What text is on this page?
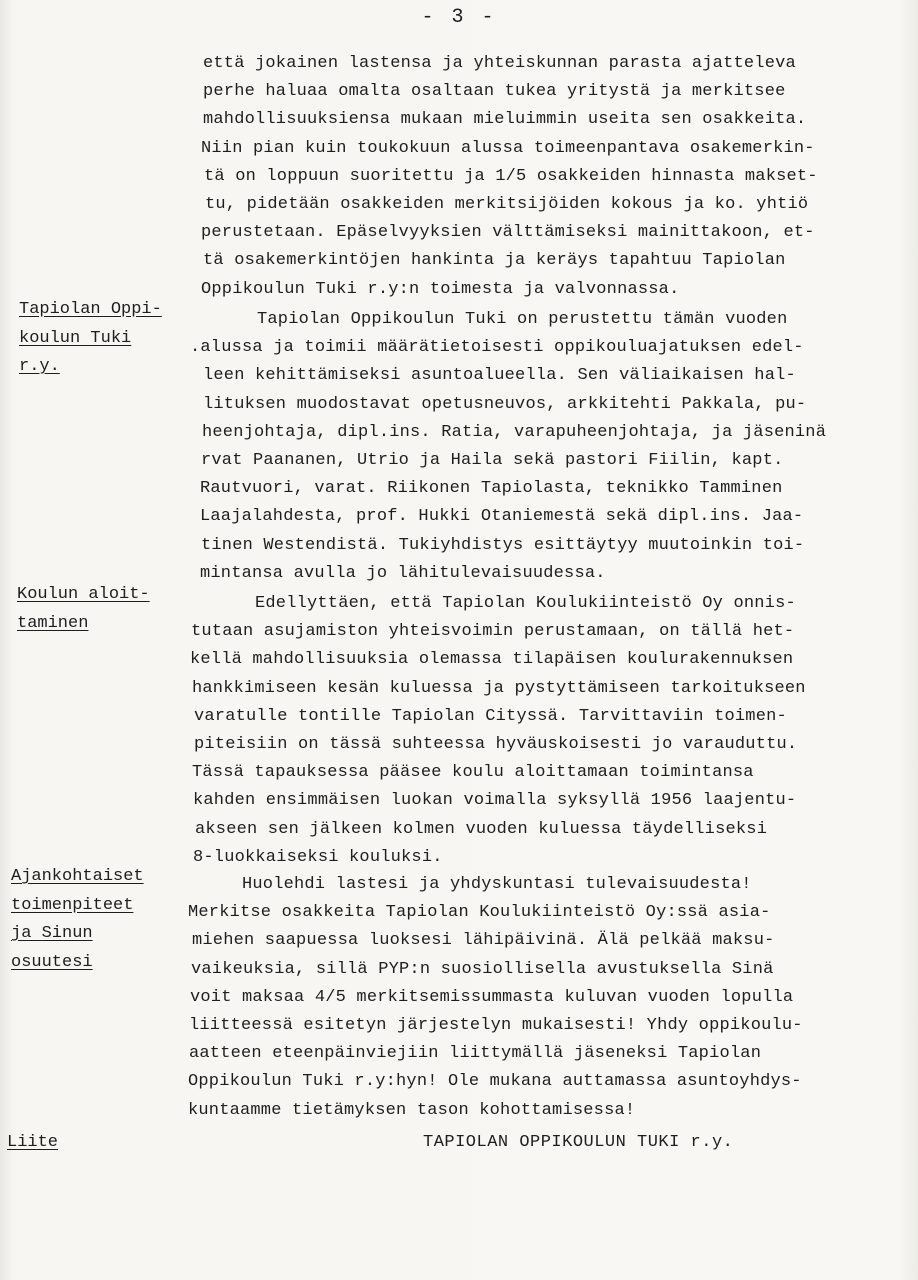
- 3 -
että jokainen lastensa ja yhteiskunnan parasta ajatteleva
perhe haluaa omalta osaltaan tukea yritystä ja merkitsee
mahdollisuuksiensa mukaan mieluimmin useita sen osakkeita.
Niin pian kuin toukokuun alussa toimeenpantava osakemerkin-
tä on loppuun suoritettu ja 1/5 osakkeiden hinnasta makset-
tu, pidetään osakkeiden merkitsijöiden kokous ja ko. yhtiö
perustetaan. Epäselvyyksien välttämiseksi mainittakoon, et-
tä osakemerkintöjen hankinta ja keräys tapahtuu Tapiolan
Oppikoulun Tuki r.y:n toimesta ja valvonnassa.
Tapiolan Oppikoulun Tuki on perustettu tämän vuoden
.alussa ja toimii määrätietoisesti oppikouluajatuksen edel-
leen kehittämiseksi asuntoalueella. Sen väliaikaisen hal-
lituksen muodostavat opetusneuvos, arkkitehti Pakkala, pu-
heenjohtaja, dipl.ins. Ratia, varapuheenjohtaja, ja jäseninä
rvat Paananen, Utrio ja Haila sekä pastori Fiilin, kapt.
Rautvuori, varat. Riikonen Tapiolasta, teknikko Tamminen
Laajalahdesta, prof. Hukki Otaniemestä sekä dipl.ins. Jaa-
tinen Westendistä. Tukiyhdistys esittäytyy muutoinkin toi-
mintansa avulla jo lähitulevaisuudessa.
Edellyttäen, että Tapiolan Koulukiinteistö Oy onnis-
tutaan asujamiston yhteisvoimin perustamaan, on tällä het-
kellä mahdollisuuksia olemassa tilapäisen koulurakennuksen
hankkimiseen kesän kuluessa ja pystyttämiseen tarkoitukseen
varatulle tontille Tapiolan Cityssä. Tarvittaviin toimen-
piteisiin on tässä suhteessa hyväuskoisesti jo varauduttu.
Tässä tapauksessa pääsee koulu aloittamaan toimintansa
kahden ensimmäisen luokan voimalla syksyllä 1956 laajentu-
akseen sen jälkeen kolmen vuoden kuluessa täydelliseksi
8-luokkaiseksi kouluksi.
Huolehdi lastesi ja yhdyskuntasi tulevaisuudesta!
Merkitse osakkeita Tapiolan Koulukiinteistö Oy:ssä asia-
miehen saapuessa luoksesi lähipäivinä. Älä pelkää maksu-
vaikeuksia, sillä PYP:n suosiollisella avustuksella Sinä
voit maksaa 4/5 merkitsemissummasta kuluvan vuoden lopulla
liitteessä esitetyn järjestelyn mukaisesti! Yhdy oppikoulu-
aatteen eteenpäinviejiin liittymällä jäseneksi Tapiolan
Oppikoulun Tuki r.y:hyn! Ole mukana auttamassa asuntoyhdys-
kuntaamme tietämyksen tason kohottamisessa!
Tapiolan Oppi-
koulun Tuki
r.y.
Koulun aloit-
taminen
Ajankohtaiset
toimenpiteet
ja Sinun
osuutesi
Liite	TAPIOLAN OPPIKOULUN TUKI r.y.
